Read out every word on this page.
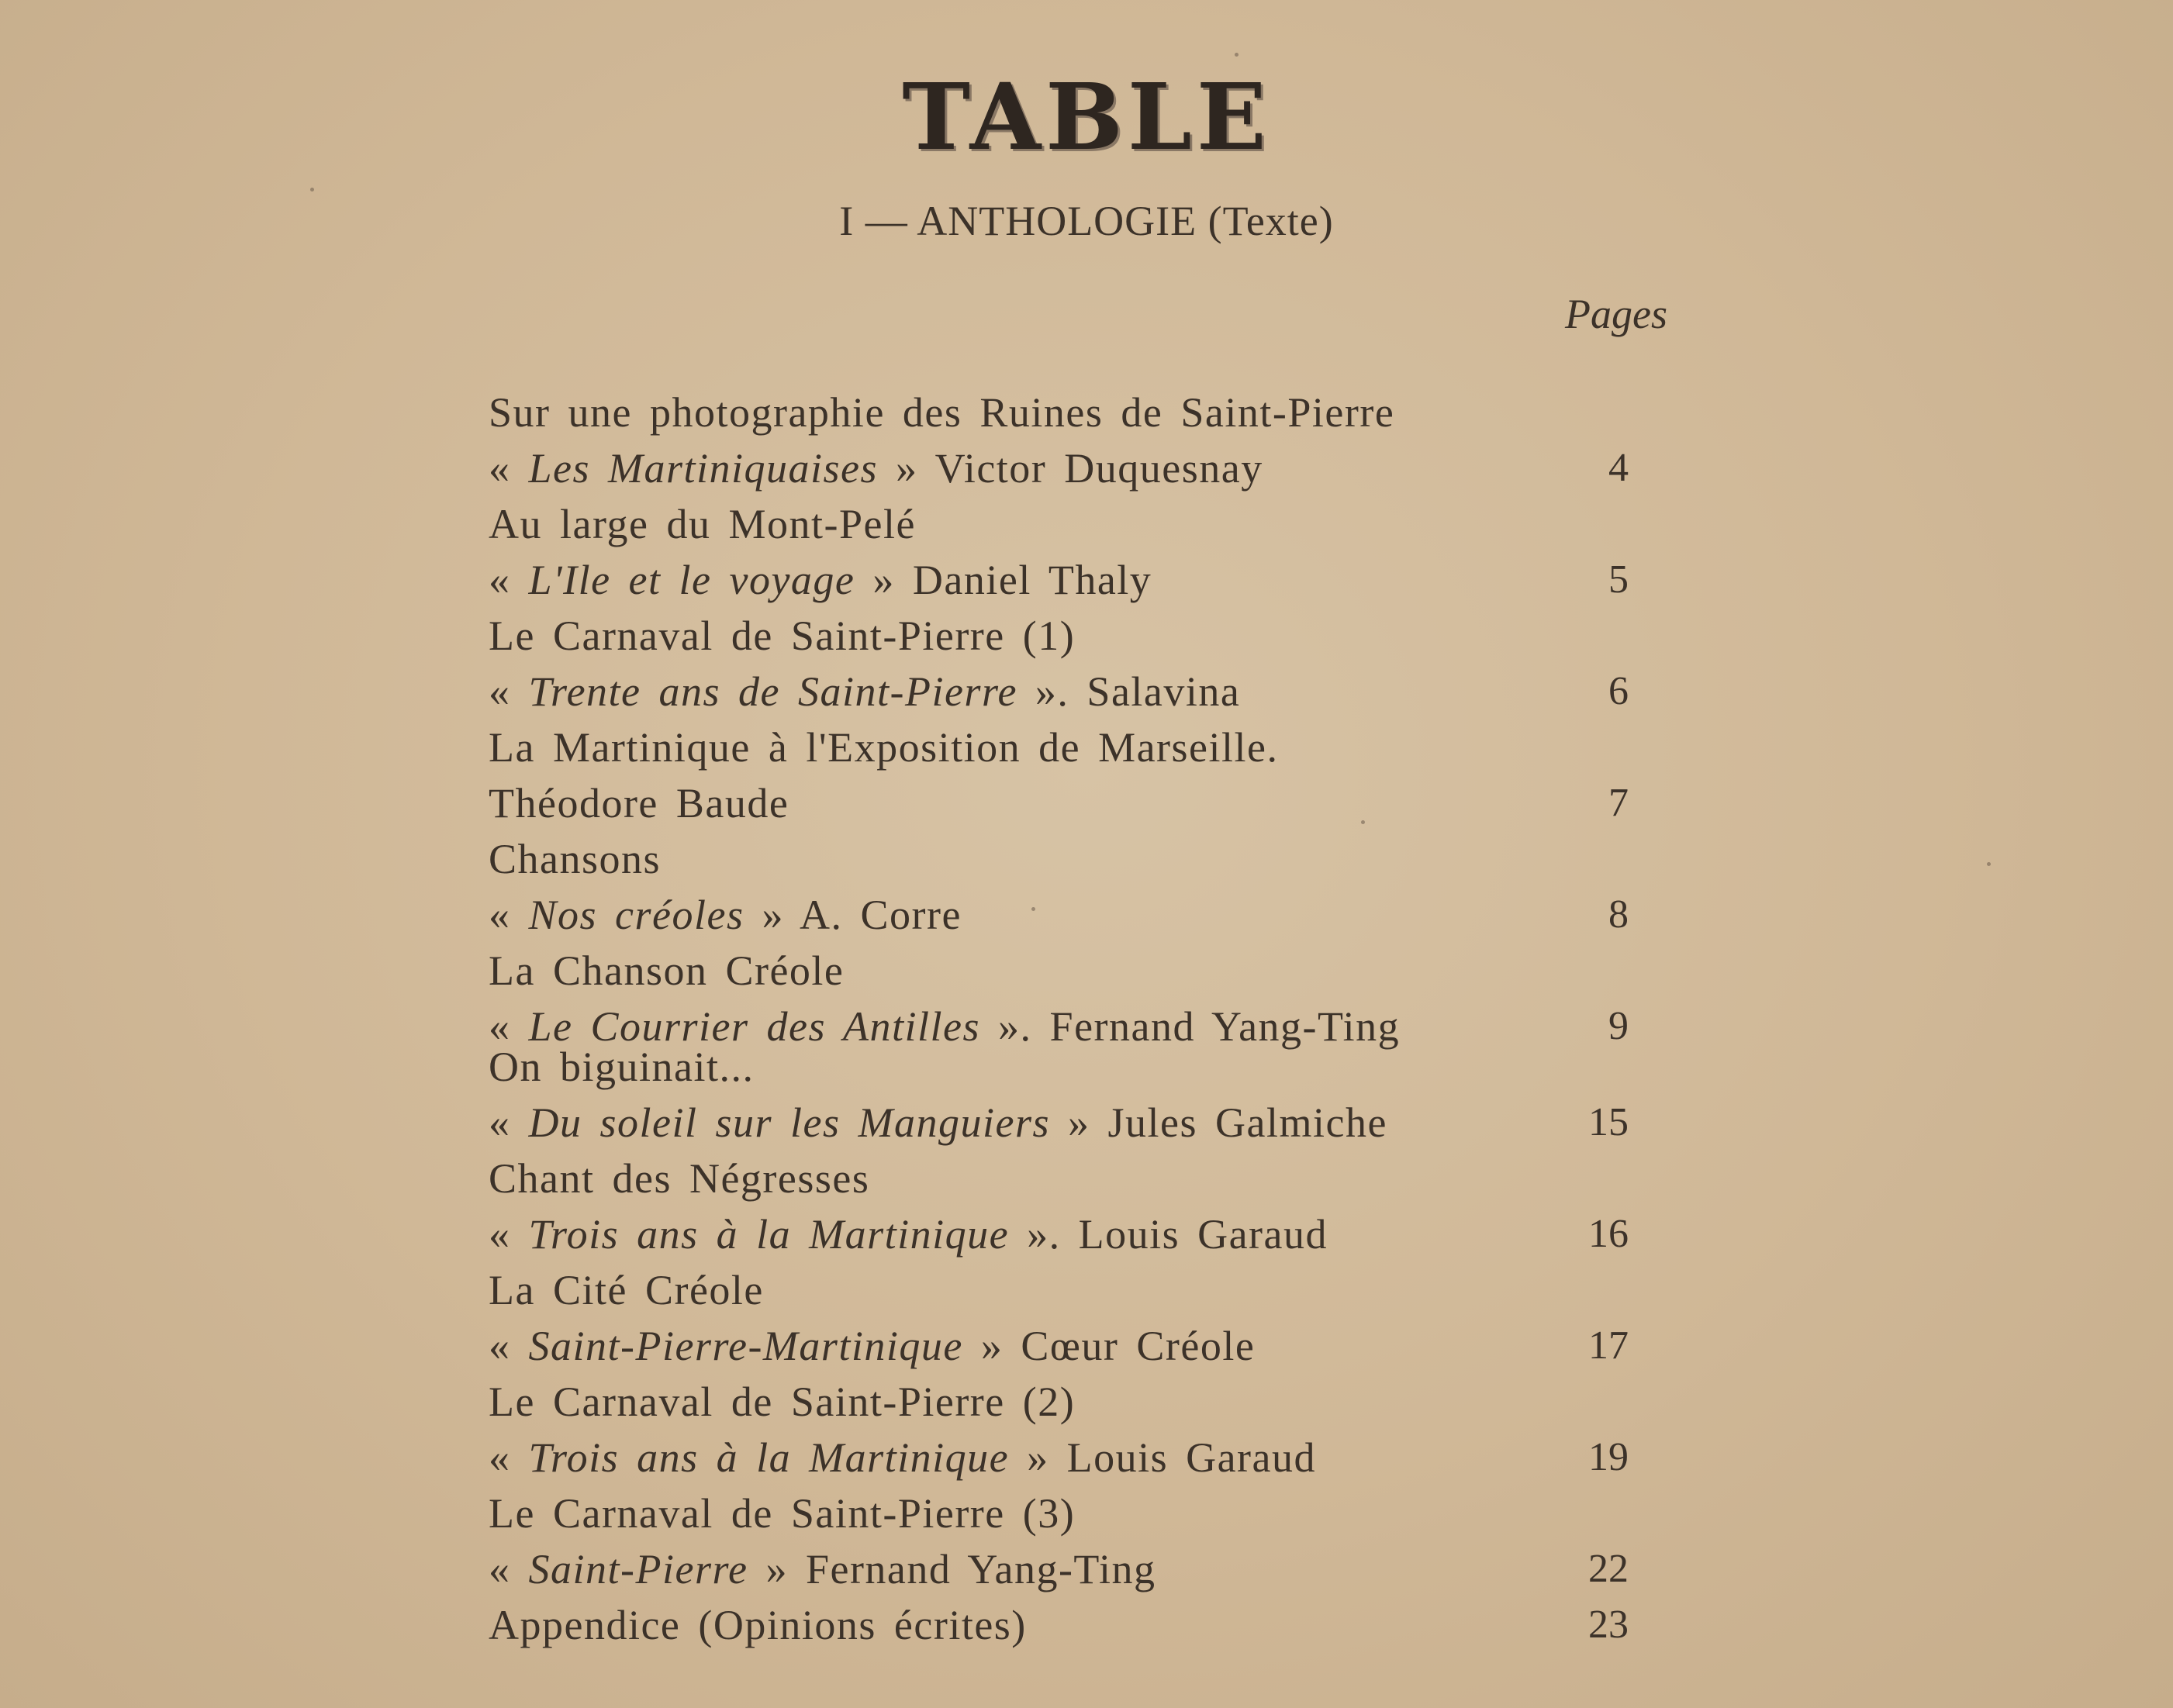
TABLE
I — ANTHOLOGIE (Texte)
Pages
Sur une photographie des Ruines de Saint-Pierre
« Les Martiniquaises » Victor Duquesnay	4
Au large du Mont-Pelé
« L'Ile et le voyage » Daniel Thaly	5
Le Carnaval de Saint-Pierre (1)
« Trente ans de Saint-Pierre ». Salavina	6
La Martinique à l'Exposition de Marseille.
Théodore Baude	7
Chansons
« Nos créoles » A. Corre	8
La Chanson Créole
« Le Courrier des Antilles ». Fernand Yang-Ting	9
On biguinait...
« Du soleil sur les Manguiers » Jules Galmiche	15
Chant des Négresses
« Trois ans à la Martinique ». Louis Garaud	16
La Cité Créole
« Saint-Pierre-Martinique » Cœur Créole	17
Le Carnaval de Saint-Pierre (2)
« Trois ans à la Martinique » Louis Garaud	19
Le Carnaval de Saint-Pierre (3)
« Saint-Pierre » Fernand Yang-Ting	22
Appendice (Opinions écrites)	23
